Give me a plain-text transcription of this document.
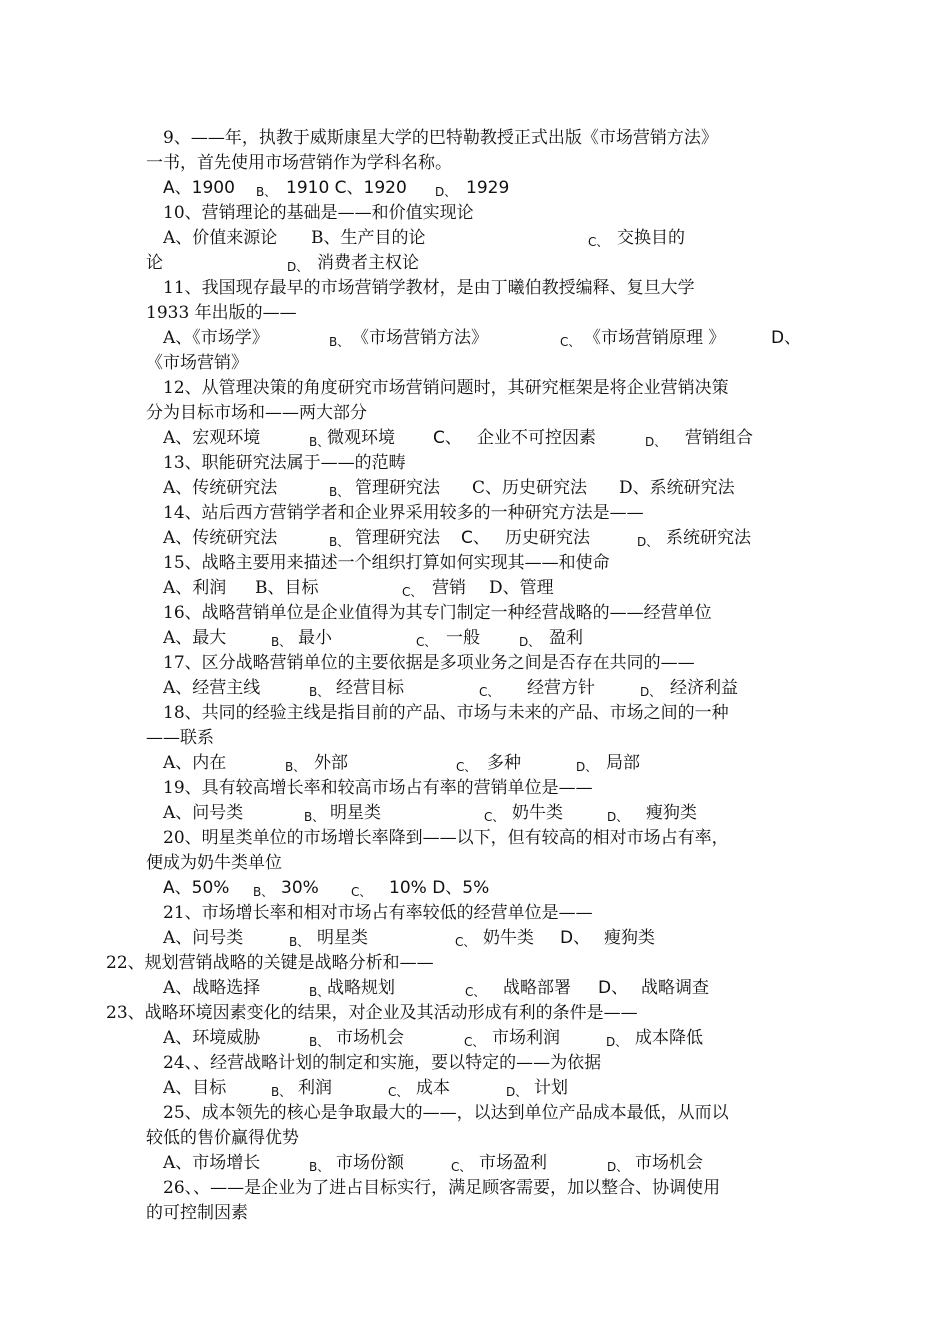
9、——年，执教于威斯康星大学的巴特勒教授正式出版《市场营销方法》
一书，首先使用市场营销作为学科名称。
A、1900 B、 1910 C、1920 D、 1929
10、营销理论的基础是——和价值实现论
A、价值来源论 B、生产目的论	C、 交换目的
论	D、 消费者主权论
11、我国现存最早的市场营销学教材，是由丁曦伯教授编释、复旦大学
1933 年出版的——
A、《市场学》	B、 《市场营销方法》	C、 《市场营销原理 》	D、
《市场营销》
12、从管理决策的角度研究市场营销问题时，其研究框架是将企业营销决策
分为目标市场和——两大部分
A、宏观环境	B、
微观环境 C、 企业不可控因素	D、 营销组合
13、职能研究法属于——的范畴
A、传统研究法	B、 管理研究法 C、历史研究法 D、系统研究法
14、站后西方营销学者和企业界采用较多的一种研究方法是——
A、传统研究法	B、 管理研究法 C、 历史研究法	D、 系统研究法
15、战略主要用来描述一个组织打算如何实现其——和使命
A、利润 B、目标	C、 营销 D、管理
16、战略营销单位是企业值得为其专门制定一种经营战略的——经营单位
A、最大	B、 最小	C、 一般	D、 盈利
17、区分战略营销单位的主要依据是多项业务之间是否存在共同的——
A、经营主线	B、 经营目标	C、 经营方针	D、 经济利益
18、共同的经验主线是指目前的产品、市场与未来的产品、市场之间的一种
——联系
A、内在	B、 外部	C、 多种	D、 局部
19、具有较高增长率和较高市场占有率的营销单位是——
A、问号类	B、 明星类	C、 奶牛类	D、 瘦狗类
20、明星类单位的市场增长率降到——以下，但有较高的相对市场占有率，
便成为奶牛类单位
A、50% B、 30%	C、 10% D、5%
21、市场增长率和相对市场占有率较低的经营单位是——
A、问号类	B、 明星类	C、 奶牛类 D、 瘦狗类
22、规划营销战略的关键是战略分析和——
A、战略选择	B、
战略规划	C、 战略部署 D、 战略调查
23、战略环境因素变化的结果，对企业及其活动形成有利的条件是——
A、环境威胁	B、 市场机会	C、 市场利润	D、 成本降低
24、、经营战略计划的制定和实施，要以特定的——为依据
A、目标	B、 利润	C、 成本	D、 计划
25、成本领先的核心是争取最大的——，以达到单位产品成本最低，从而以
较低的售价赢得优势
A、市场增长	B、 市场份额	C、 市场盈利	D、 市场机会
26、、——是企业为了进占目标实行，满足顾客需要，加以整合、协调使用
的可控制因素
